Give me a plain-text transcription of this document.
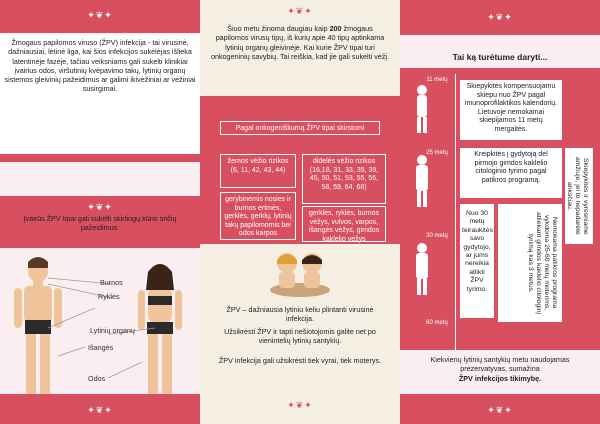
✦❦✦
Žmogaus papilomos viruso (ŽPV) infekcija - tai virusinė, dažniausiai, lėtinė liga, kai šios infekcijos sukėlėjas išlieka latentinėje fazėje, tačiau veiksniams gali sukelti klinikiai įvairius odos, viršutinių kvėpavimo takų, lytinių organų sistemos gleivinių pažeidimus ar galimi ikivėžiniai ar vėžiniai susirgimai.
✦❦✦
Įvairūs ŽPV tipai gali sukelti skirtingų kūno sričių pažeidimus:
Burnos
Ryklės
Lytinių organų
Išangės
Odos
✦❦✦
Šiuo metu žinoma daugiau kaip 200 žmogaus papilomos virusų tipų, iš kurių apie 40 tipų aptinkama lytinių organų gleivinėje. Kai kurie ŽPV tipai turi onkogeninių savybių. Tai reiškia, kad jie gali sukelti vėžį.
Pagal onkogeniškumą ŽPV tipai skirstomi
žemos vėžio rizikos
(6, 11, 42, 43, 44)
didelės vėžio rizikos
(16,18, 31, 33, 35, 39, 45, 50, 51, 53, 55, 56, 58, 59, 64, 68)
gerybinėmis nosies ir burnos ertmės, gerklės, gerklų, lytinių takų papilomomis bei odos karpos
gerklės, ryklės, burnos vėžys, vulvos, varpos, išangės vėžys, gimdos kaklelio vėžys
ŽPV – dažniausia lytiniu keliu plintanti virusinė infekcija.
Užsikrėsti ŽPV ir tapti nešiotojomis galite net po vienintelių lytinių santykių.
ŽPV infekcija gali užsikrėsti tiek vyrai, tiek moterys.
✦❦✦
✦❦✦
Tai ką turėtume daryti...
11 metų
25 metų
30 metų
60 metų
Skiepykitės kompensuojamu skiepu nuo ŽPV pagal imunoprofilaktikos kalendorių. Lietuvoje nemokamai skiepijamos 11 metų mergaitės.
Kreipkitės į gydytoją dėl pirmojo gimdos kaklelio citologinio tyrimo pagal patikros programą.	Skiepykitės ir vyresniame amžiuje, jei to nepadarėte anksčiau.
Nuo 30 metų teiraukitės savo gydytojo, ar jums nereikia atlikti ŽPV tyrimo.	Nemokama patikros programa vykdoma 25-60 metų moterims, atliekant gimdos kaklelio citologinį tyrimą kas 3 metus.
Kiekvienų lytinių santykių metu naudojamas prezervatyvas, sumažina
ŽPV infekcijos tikimybę.
✦❦✦
✦❦✦
